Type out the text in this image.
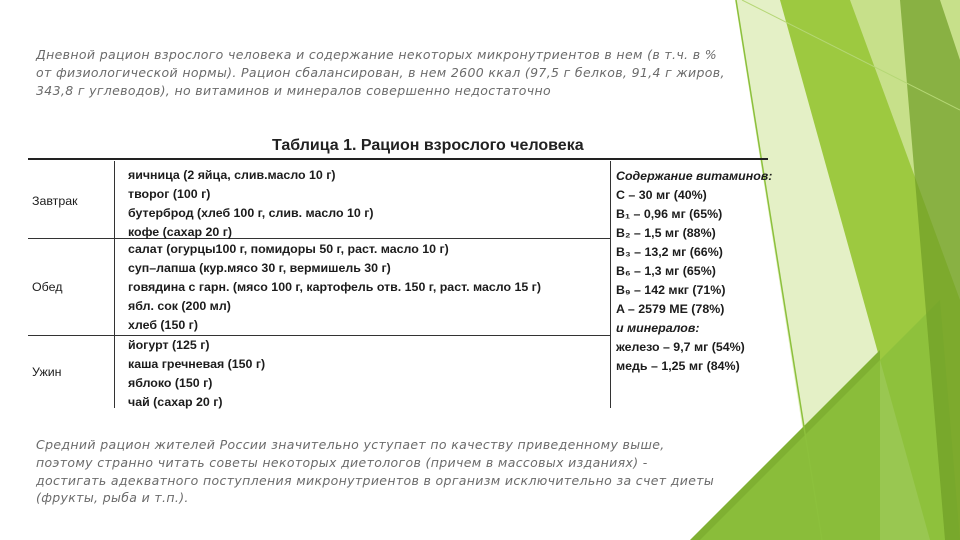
Дневной рацион взрослого человека и содержание некоторых микронутриентов в нем (в т.ч. в % от физиологической нормы). Рацион сбалансирован, в нем 2600 ккал (97,5 г белков, 91,4 г жиров, 343,8 г углеводов), но витаминов и минералов совершенно недостаточно

Таблица 1. Рацион взрослого человека
Завтрак
Обед
Ужин
яичница (2 яйца, слив.масло 10 г)
творог (100 г)
бутерброд (хлеб 100 г, слив. масло 10 г)
кофе (сахар 20 г)
салат (огурцы100 г, помидоры 50 г, раст. масло 10 г)
суп–лапша (кур.мясо 30 г, вермишель 30 г)
говядина с гарн. (мясо 100 г, картофель отв. 150 г, раст. масло 15 г)
ябл. сок (200 мл)
хлеб (150 г)
йогурт (125 г)
каша гречневая (150 г)
яблоко (150 г)
чай (сахар 20 г)
Содержание витаминов:
C – 30 мг (40%)
B₁ – 0,96 мг (65%)
B₂ – 1,5 мг (88%)
B₃ – 13,2 мг (66%)
B₆ – 1,3 мг (65%)
B₉ – 142 мкг (71%)
A – 2579 МЕ (78%)
и минералов:
железо – 9,7 мг (54%)
медь – 1,25 мг (84%)

Средний рацион жителей России значительно уступает по качеству приведенному выше, поэтому странно читать советы некоторых диетологов (причем в массовых изданиях) - достигать адекватного поступления микронутриентов в организм исключительно за счет диеты (фрукты, рыба и т.п.).
